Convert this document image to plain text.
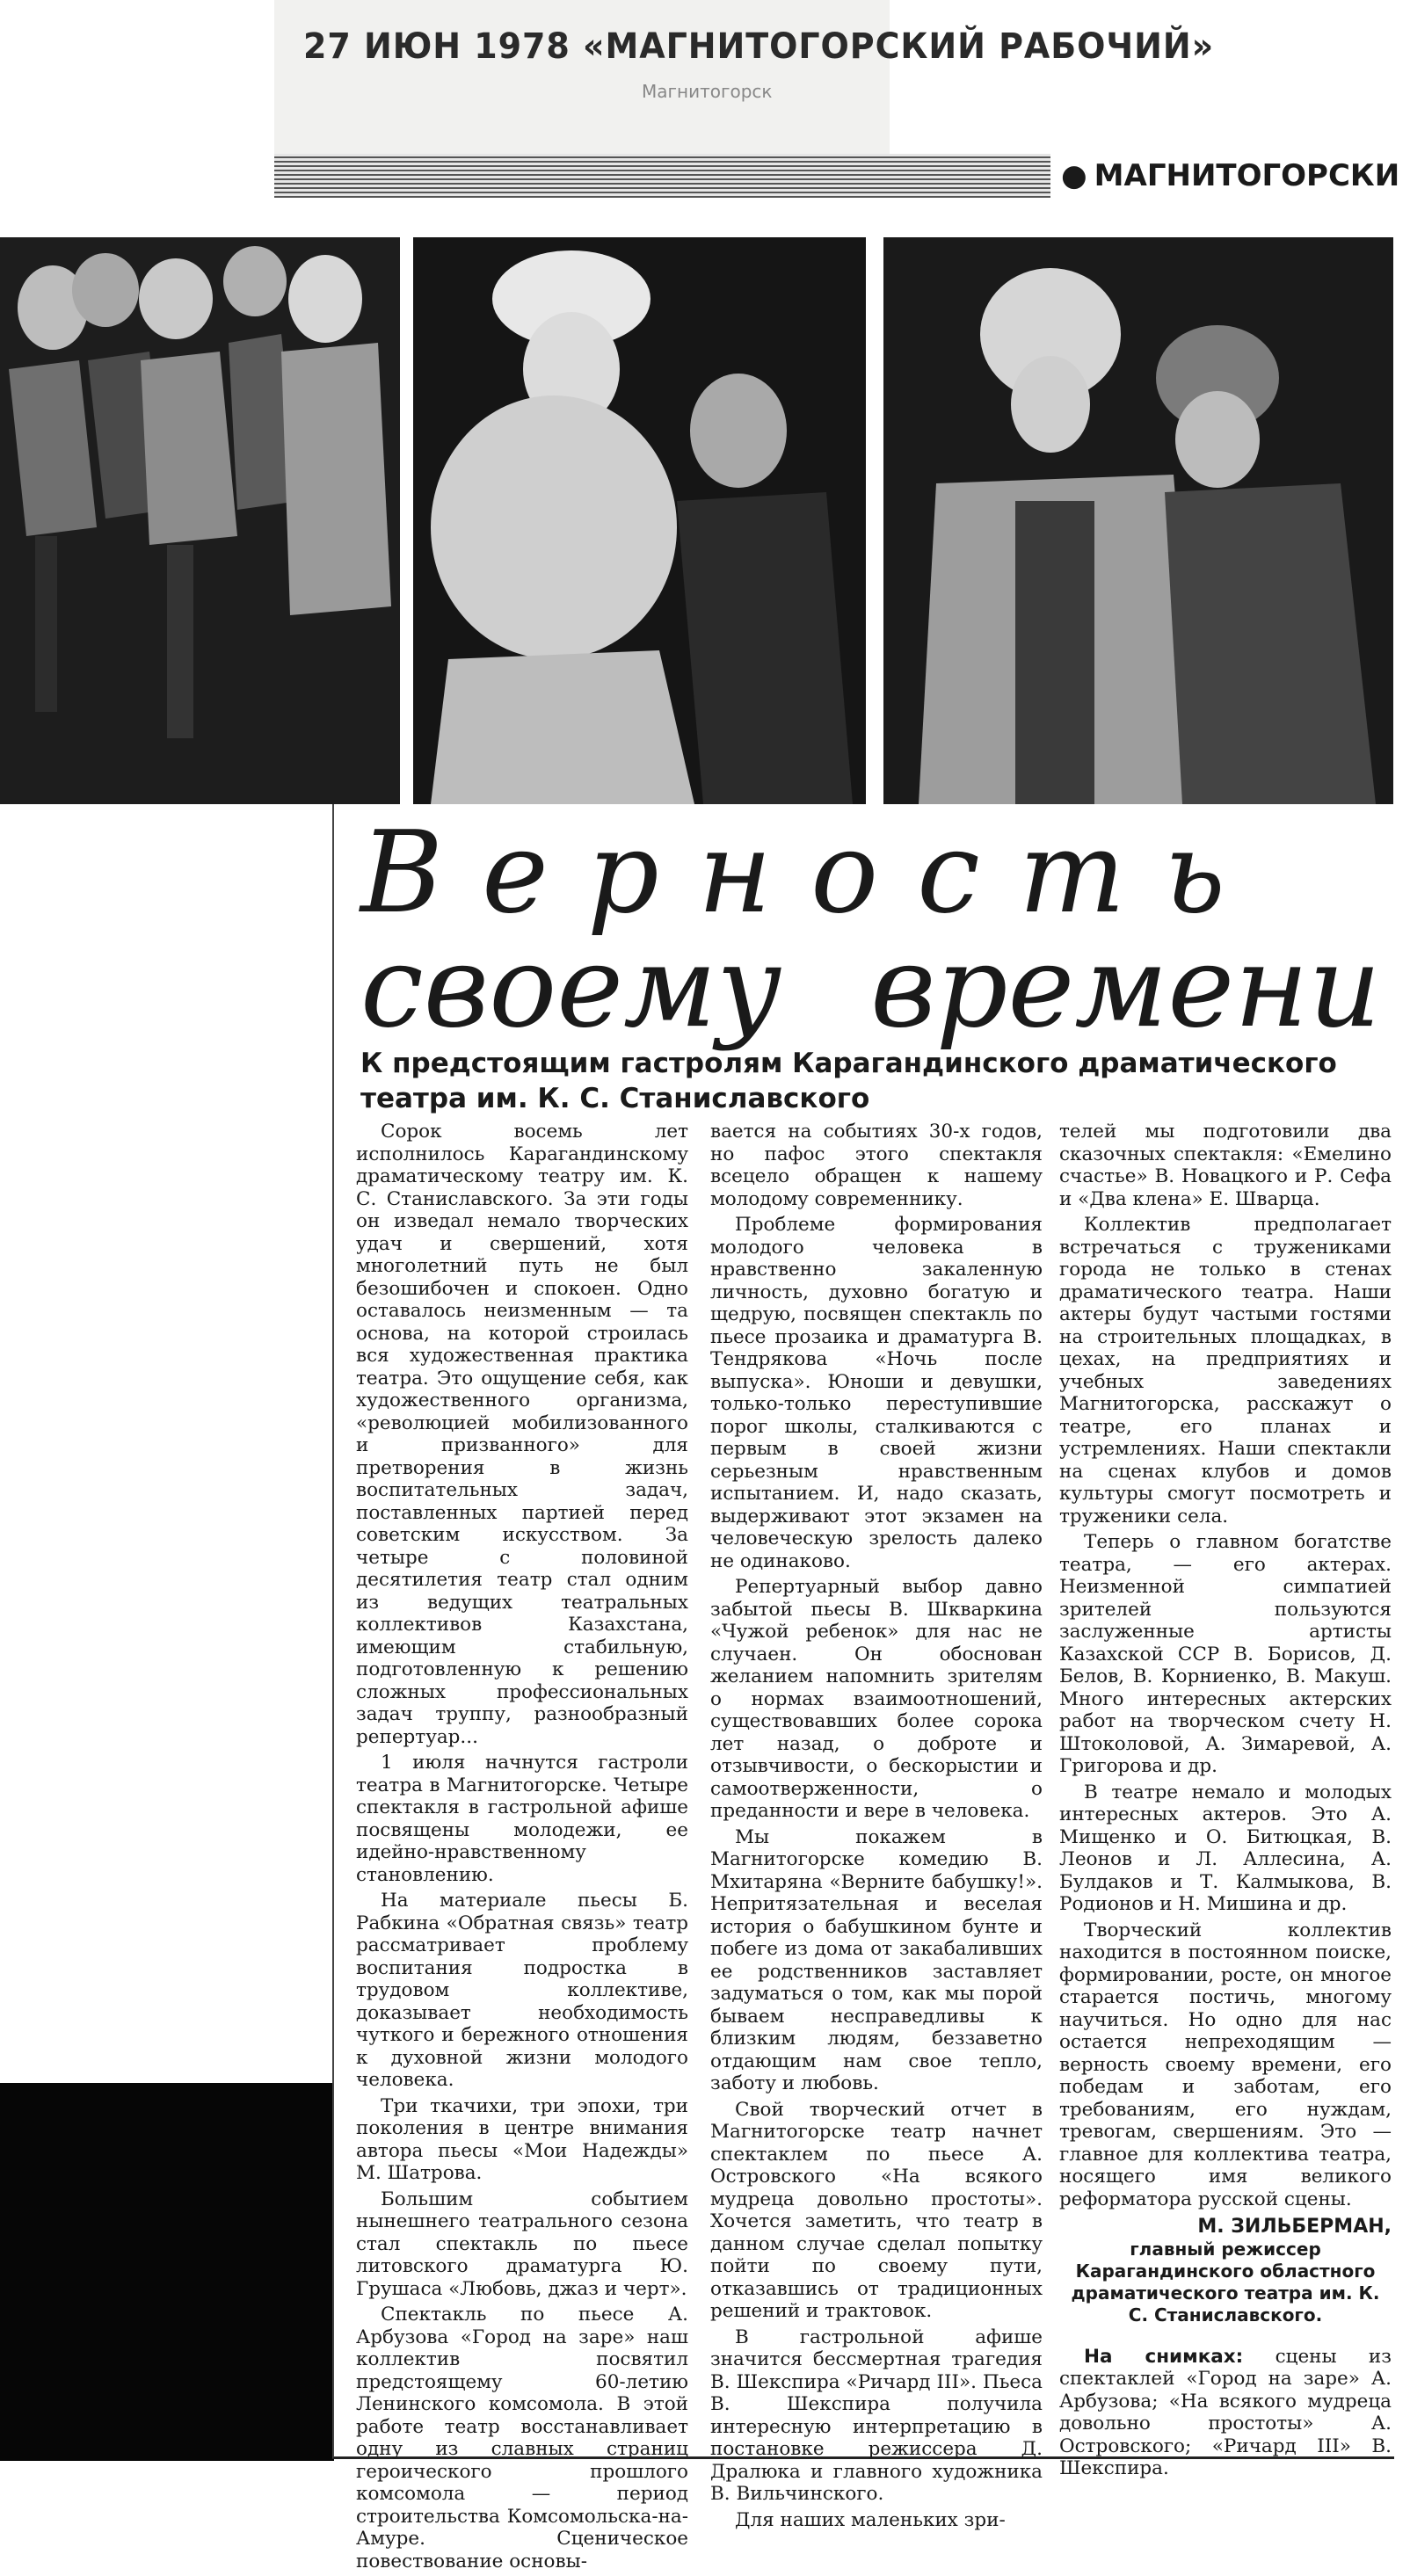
27 ИЮН 1978 «МАГНИТОГОРСКИЙ РАБОЧИЙ»
Магнитогорск
● МАГНИТОГОРСКИ
Верность
своему времени
К предстоящим гастролям Карагандинского драматического театра им. К. С. Станиславского

Сорок восемь лет исполнилось Карагандинскому драматическому театру им. К. С. Станиславского. За эти годы он изведал немало творческих удач и свершений, хотя многолетний путь не был безошибочен и спокоен. Одно оставалось неизменным — та основа, на которой строилась вся художественная практика театра. Это ощущение себя, как художественного организма, «революцией мобилизованного и призванного» для претворения в жизнь воспитательных задач, поставленных партией перед советским искусством. За четыре с половиной десятилетия театр стал одним из ведущих театральных коллективов Казахстана, имеющим стабильную, подготовленную к решению сложных профессиональных задач труппу, разнообразный репертуар...

1 июля начнутся гастроли театра в Магнитогорске. Четыре спектакля в гастрольной афише посвящены молодежи, ее идейно-нравственному становлению.

На материале пьесы Б. Рабкина «Обратная связь» театр рассматривает проблему воспитания подростка в трудовом коллективе, доказывает необходимость чуткого и бережного отношения к духовной жизни молодого человека.

Три ткачихи, три эпохи, три поколения в центре внимания автора пьесы «Мои Надежды» М. Шатрова.

Большим событием нынешнего театрального сезона стал спектакль по пьесе литовского драматурга Ю. Грушаса «Любовь, джаз и черт».

Спектакль по пьесе А. Арбузова «Город на заре» наш коллектив посвятил предстоящему 60-летию Ленинского комсомола. В этой работе театр восстанавливает одну из славных страниц героического прошлого комсомола — период строительства Комсомольска-на-Амуре. Сценическое повествование основы-

вается на событиях 30-х годов, но пафос этого спектакля всецело обращен к нашему молодому современнику.

Проблеме формирования молодого человека в нравственно закаленную личность, духовно богатую и щедрую, посвящен спектакль по пьесе прозаика и драматурга В. Тендрякова «Ночь после выпуска». Юноши и девушки, только-только переступившие порог школы, сталкиваются с первым в своей жизни серьезным нравственным испытанием. И, надо сказать, выдерживают этот экзамен на человеческую зрелость далеко не одинаково.

Репертуарный выбор давно забытой пьесы В. Шкваркина «Чужой ребенок» для нас не случаен. Он обоснован желанием напомнить зрителям о нормах взаимоотношений, существовавших более сорока лет назад, о доброте и отзывчивости, о бескорыстии и самоотверженности, о преданности и вере в человека.

Мы покажем в Магнитогорске комедию В. Мхитаряна «Верните бабушку!». Непритязательная и веселая история о бабушкином бунте и побеге из дома от закабаливших ее родственников заставляет задуматься о том, как мы порой бываем несправедливы к близким людям, беззаветно отдающим нам свое тепло, заботу и любовь.

Свой творческий отчет в Магнитогорске театр начнет спектаклем по пьесе А. Островского «На всякого мудреца довольно простоты». Хочется заметить, что театр в данном случае сделал попытку пойти по своему пути, отказавшись от традиционных решений и трактовок.

В гастрольной афише значится бессмертная трагедия В. Шекспира «Ричард III». Пьеса В. Шекспира получила интересную интерпретацию в постановке режиссера Д. Дралюка и главного художника В. Вильчинского.

Для наших маленьких зри-

телей мы подготовили два сказочных спектакля: «Емелино счастье» В. Новацкого и Р. Сефа и «Два клена» Е. Шварца.

Коллектив предполагает встречаться с тружениками города не только в стенах драматического театра. Наши актеры будут частыми гостями на строительных площадках, в цехах, на предприятиях и учебных заведениях Магнитогорска, расскажут о театре, его планах и устремлениях. Наши спектакли на сценах клубов и домов культуры смогут посмотреть и труженики села.

Теперь о главном богатстве театра, — его актерах. Неизменной симпатией зрителей пользуются заслуженные артисты Казахской ССР В. Борисов, Д. Белов, В. Корниенко, В. Макуш. Много интересных актерских работ на творческом счету Н. Штоколовой, А. Зимаревой, А. Григорова и др.

В театре немало и молодых интересных актеров. Это А. Мищенко и О. Битюцкая, В. Леонов и Л. Аллесина, А. Булдаков и Т. Калмыкова, В. Родионов и Н. Мишина и др.

Творческий коллектив находится в постоянном поиске, формировании, росте, он многое старается постичь, многому научиться. Но одно для нас остается непреходящим — верность своему времени, его победам и заботам, его требованиям, его нуждам, тревогам, свершениям. Это — главное для коллектива театра, носящего имя великого реформатора русской сцены.

М. ЗИЛЬБЕРМАН,
главный режиссер Карагандинского областного драматического театра им. К. С. Станиславского.

На снимках: сцены из спектаклей «Город на заре» А. Арбузова; «На всякого мудреца довольно простоты» А. Островского; «Ричард III» В. Шекспира.
